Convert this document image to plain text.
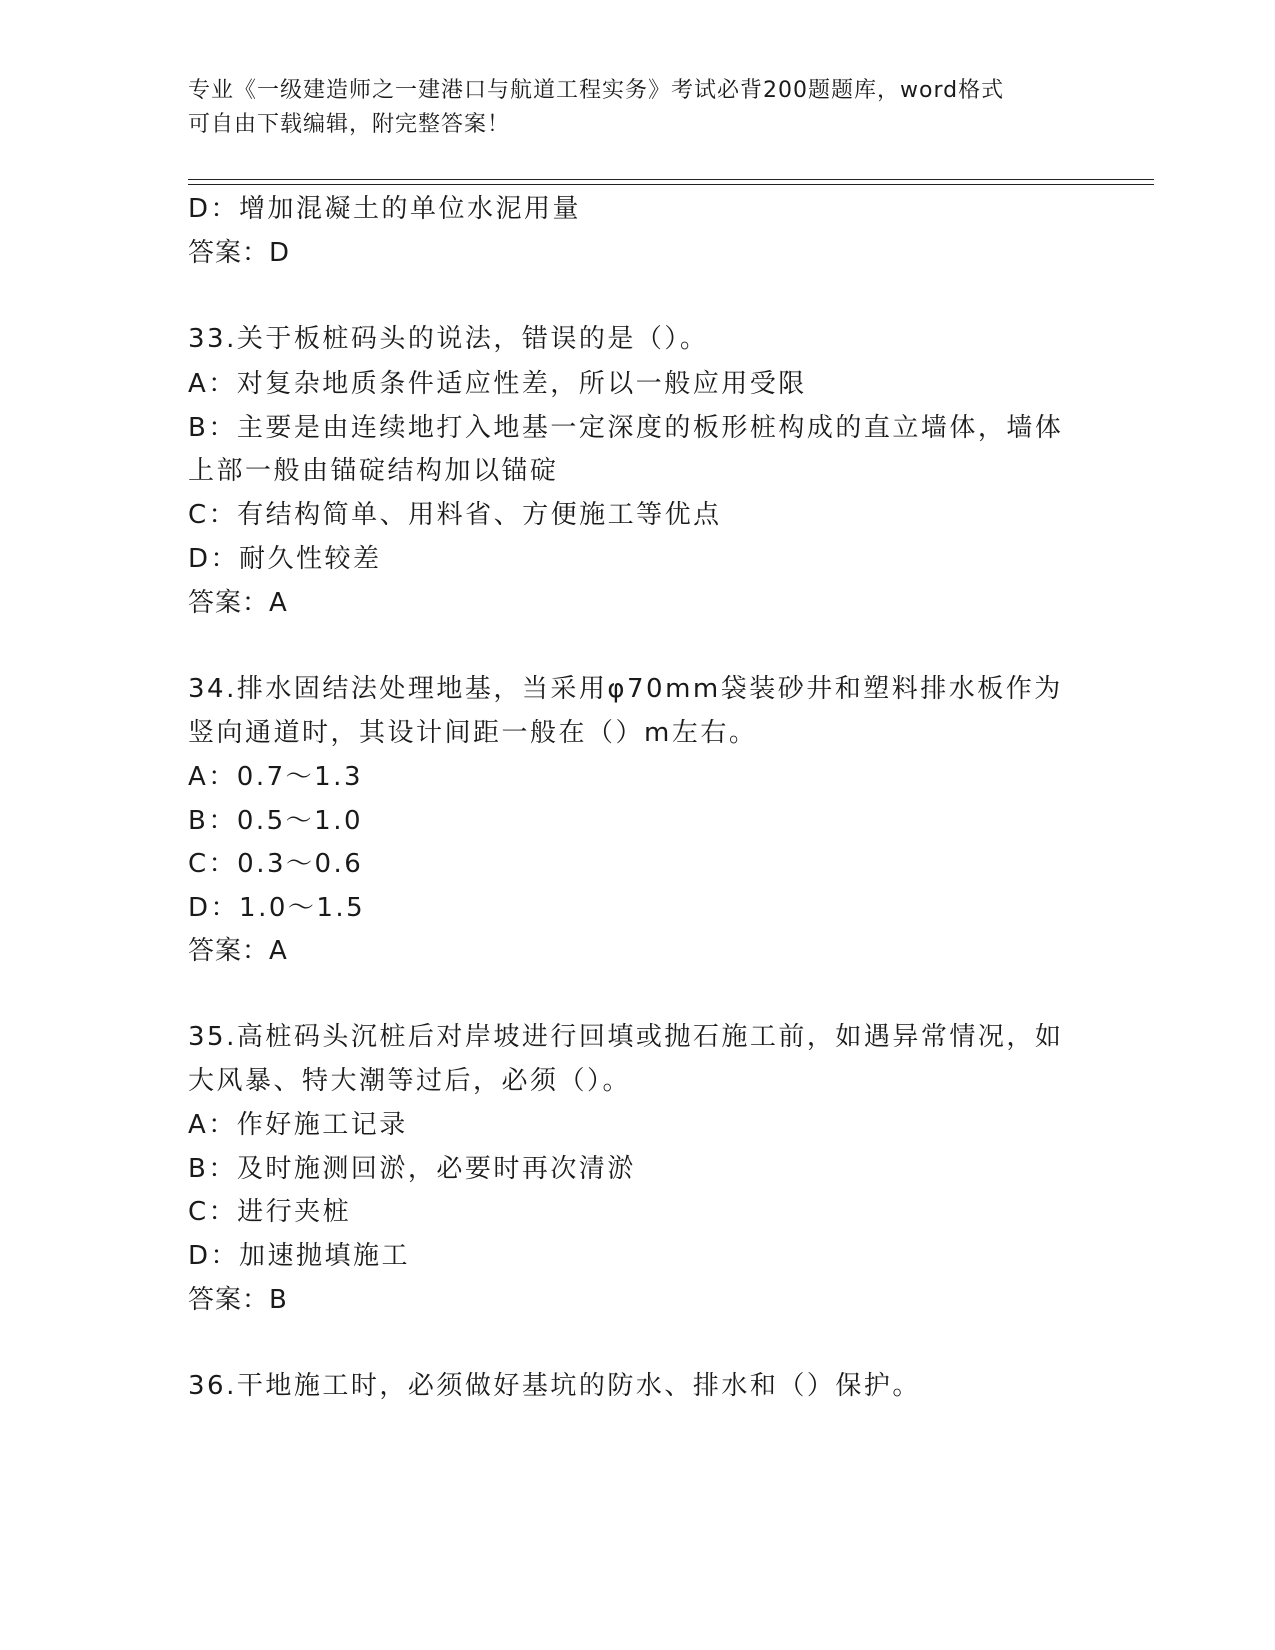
专业《一级建造师之一建港口与航道工程实务》考试必背200题题库，word格式
可自由下载编辑，附完整答案！
D：增加混凝土的单位水泥用量
答案：D
33.关于板桩码头的说法，错误的是（）。
A：对复杂地质条件适应性差，所以一般应用受限
B：主要是由连续地打入地基一定深度的板形桩构成的直立墙体，墙体
上部一般由锚碇结构加以锚碇
C：有结构简单、用料省、方便施工等优点
D：耐久性较差
答案：A
34.排水固结法处理地基，当采用φ70mm袋装砂井和塑料排水板作为
竖向通道时，其设计间距一般在（）m左右。
A：0.7～1.3
B：0.5～1.0
C：0.3～0.6
D：1.0～1.5
答案：A
35.高桩码头沉桩后对岸坡进行回填或抛石施工前，如遇异常情况，如
大风暴、特大潮等过后，必须（）。
A：作好施工记录
B：及时施测回淤，必要时再次清淤
C：进行夹桩
D：加速抛填施工
答案：B
36.干地施工时，必须做好基坑的防水、排水和（）保护。
